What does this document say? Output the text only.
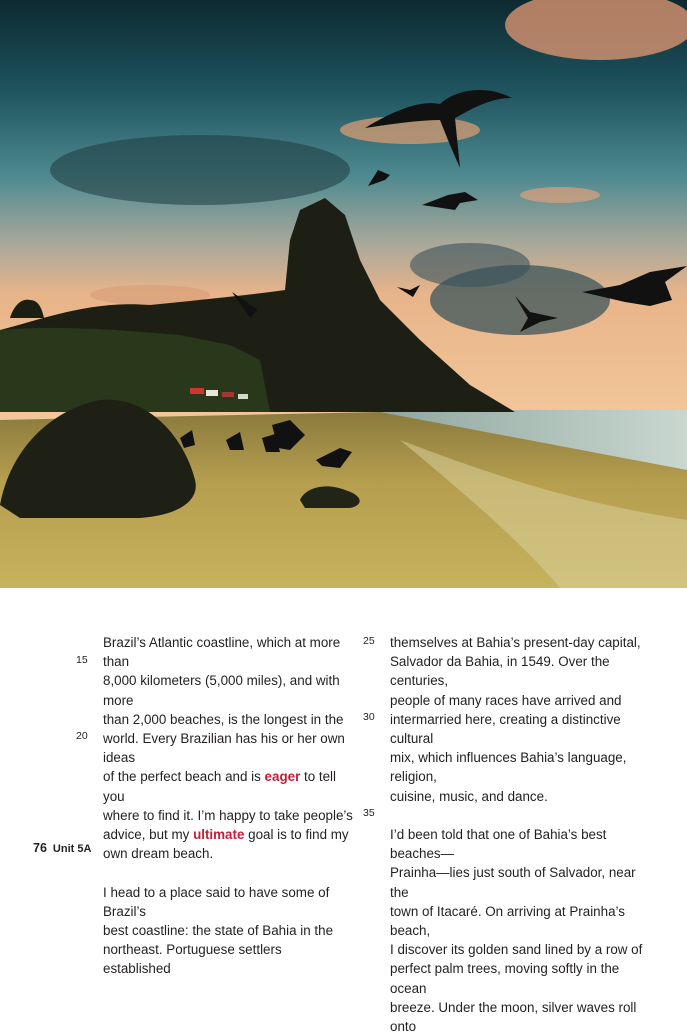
Brazil’s Atlantic coastline, which at more than
8,000 kilometers (5,000 miles), and with more
than 2,000 beaches, is the longest in the
world. Every Brazilian has his or her own ideas
of the perfect beach and is eager to tell you
where to find it. I’m happy to take people’s
advice, but my ultimate goal is to find my
own dream beach.

I head to a place said to have some of Brazil’s
best coastline: the state of Bahia in the
northeast. Portuguese settlers established

themselves at Bahia’s present-day capital,
Salvador da Bahia, in 1549. Over the centuries,
people of many races have arrived and
intermarried here, creating a distinctive cultural
mix, which influences Bahia’s language, religion,
cuisine, music, and dance.

I’d been told that one of Bahia’s best beaches—
Prainha—lies just south of Salvador, near the
town of Itacaré. On arriving at Prainha’s beach,
I discover its golden sand lined by a row of
perfect palm trees, moving softly in the ocean
breeze. Under the moon, silver waves roll onto

15
20
25
30
35
76 Unit 5A
